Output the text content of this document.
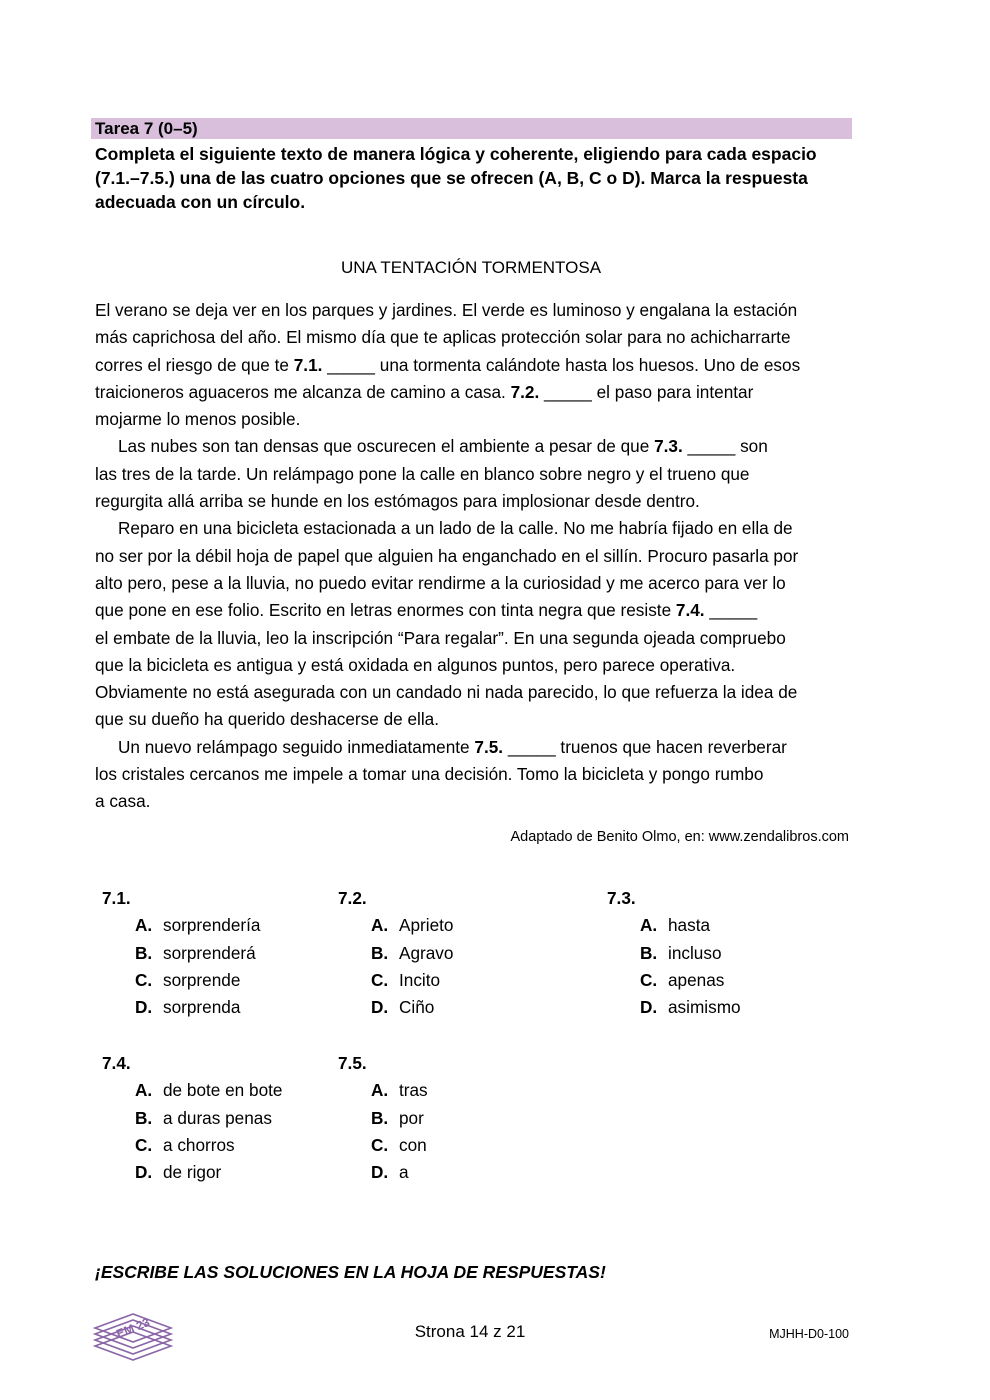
Tarea 7 (0–5)
Completa el siguiente texto de manera lógica y coherente, eligiendo para cada espacio (7.1.–7.5.) una de las cuatro opciones que se ofrecen (A, B, C o D). Marca la respuesta adecuada con un círculo.
UNA TENTACIÓN TORMENTOSA
El verano se deja ver en los parques y jardines. El verde es luminoso y engalana la estación
más caprichosa del año. El mismo día que te aplicas protección solar para no achicharrarte
corres el riesgo de que te 7.1. _____ una tormenta calándote hasta los huesos. Uno de esos
traicioneros aguaceros me alcanza de camino a casa. 7.2. _____ el paso para intentar
mojarme lo menos posible.
Las nubes son tan densas que oscurecen el ambiente a pesar de que 7.3. _____ son
las tres de la tarde. Un relámpago pone la calle en blanco sobre negro y el trueno que
regurgita allá arriba se hunde en los estómagos para implosionar desde dentro.
Reparo en una bicicleta estacionada a un lado de la calle. No me habría fijado en ella de
no ser por la débil hoja de papel que alguien ha enganchado en el sillín. Procuro pasarla por
alto pero, pese a la lluvia, no puedo evitar rendirme a la curiosidad y me acerco para ver lo
que pone en ese folio. Escrito en letras enormes con tinta negra que resiste 7.4. _____
el embate de la lluvia, leo la inscripción “Para regalar”. En una segunda ojeada compruebo
que la bicicleta es antigua y está oxidada en algunos puntos, pero parece operativa.
Obviamente no está asegurada con un candado ni nada parecido, lo que refuerza la idea de
que su dueño ha querido deshacerse de ella.
Un nuevo relámpago seguido inmediatamente 7.5. _____ truenos que hacen reverberar
los cristales cercanos me impele a tomar una decisión. Tomo la bicicleta y pongo rumbo
a casa.
Adaptado de Benito Olmo, en: www.zendalibros.com
7.1.
A. sorprendería
B. sorprenderá
C. sorprende
D. sorprenda
7.2.
A. Aprieto
B. Agravo
C. Incito
D. Ciño
7.3.
A. hasta
B. incluso
C. apenas
D. asimismo
7.4.
A. de bote en bote
B. a duras penas
C. a chorros
D. de rigor
7.5.
A. tras
B. por
C. con
D. a
¡ESCRIBE LAS SOLUCIONES EN LA HOJA DE RESPUESTAS!
EM 23	Strona 14 z 21	MJHH-D0-100
